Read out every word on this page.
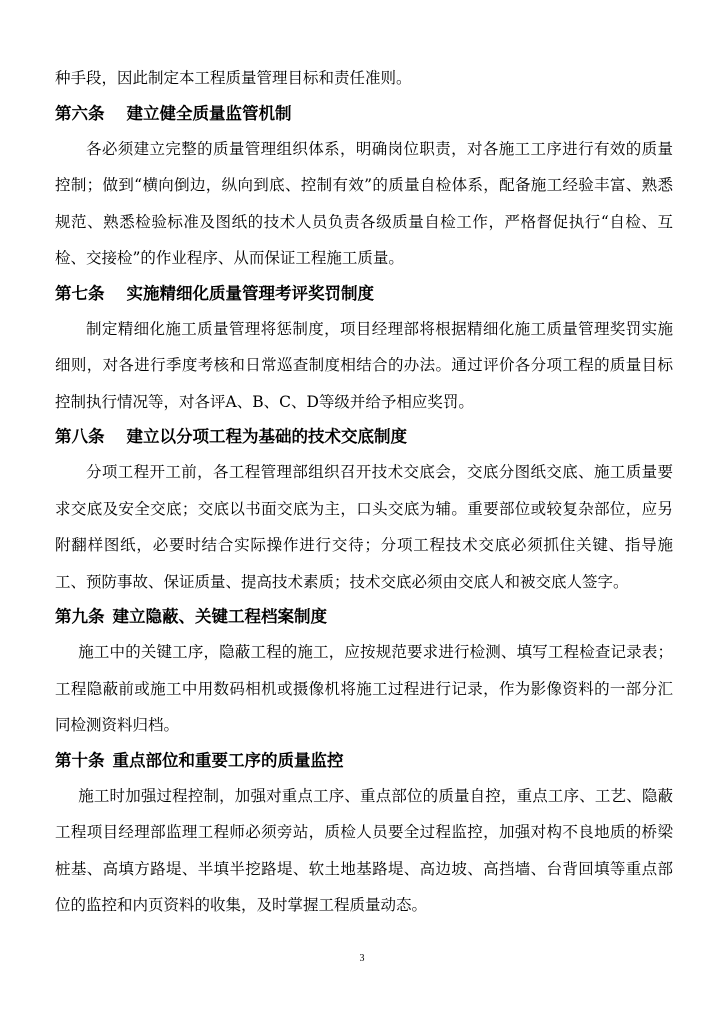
种手段，因此制定本工程质量管理目标和责任准则。

第六条 建立健全质量监管机制

各必须建立完整的质量管理组织体系，明确岗位职责，对各施工工序进行有效的质量控制；做到“横向倒边，纵向到底、控制有效”的质量自检体系，配备施工经验丰富、熟悉规范、熟悉检验标准及图纸的技术人员负责各级质量自检工作，严格督促执行“自检、互检、交接检”的作业程序、从而保证工程施工质量。

第七条 实施精细化质量管理考评奖罚制度

制定精细化施工质量管理将惩制度，项目经理部将根据精细化施工质量管理奖罚实施细则，对各进行季度考核和日常巡查制度相结合的办法。通过评价各分项工程的质量目标控制执行情况等，对各评A、B、C、D等级并给予相应奖罚。

第八条 建立以分项工程为基础的技术交底制度

分项工程开工前，各工程管理部组织召开技术交底会，交底分图纸交底、施工质量要求交底及安全交底；交底以书面交底为主，口头交底为辅。重要部位或较复杂部位，应另附翻样图纸，必要时结合实际操作进行交待；分项工程技术交底必须抓住关键、指导施工、预防事故、保证质量、提高技术素质；技术交底必须由交底人和被交底人签字。

第九条 建立隐蔽、关键工程档案制度

施工中的关键工序，隐蔽工程的施工，应按规范要求进行检测、填写工程检查记录表；工程隐蔽前或施工中用数码相机或摄像机将施工过程进行记录，作为影像资料的一部分汇同检测资料归档。

第十条 重点部位和重要工序的质量监控

施工时加强过程控制，加强对重点工序、重点部位的质量自控，重点工序、工艺、隐蔽工程项目经理部监理工程师必须旁站，质检人员要全过程监控，加强对构不良地质的桥梁桩基、高填方路堤、半填半挖路堤、软土地基路堤、高边坡、高挡墙、台背回填等重点部位的监控和内页资料的收集，及时掌握工程质量动态。

3
